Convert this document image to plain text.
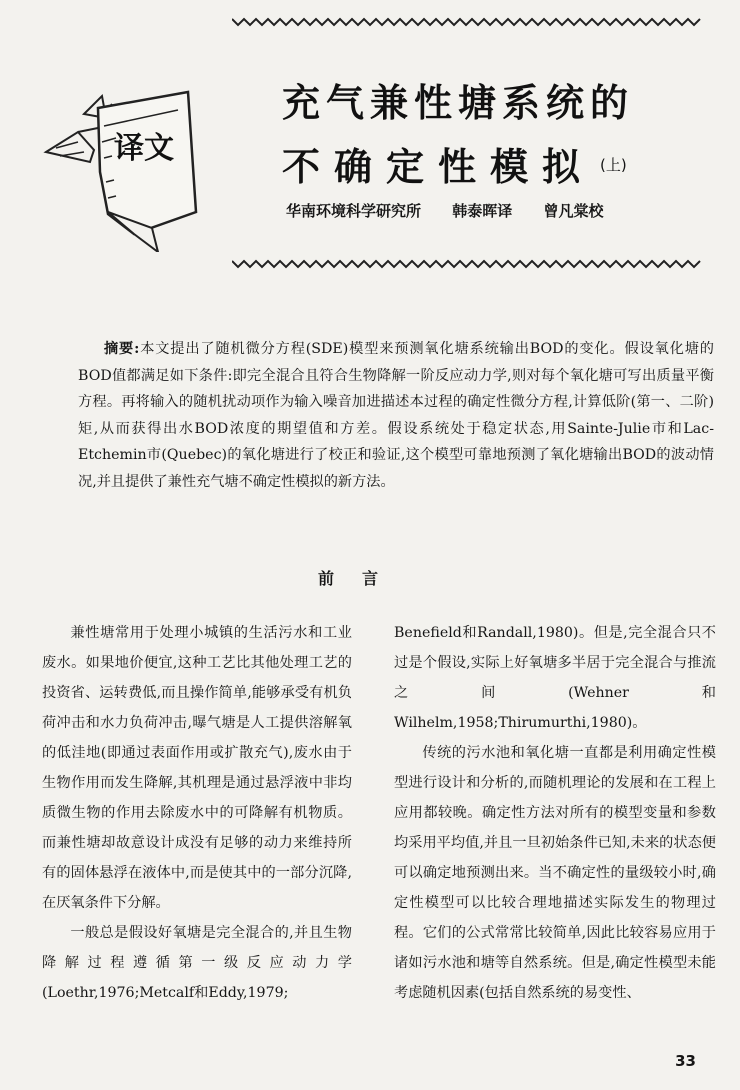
译文
充气兼性塘系统的
不确定性模拟 (上)
华南环境科学研究所 韩泰晖译 曾凡棠校
摘要:本文提出了随机微分方程(SDE)模型来预测氧化塘系统输出BOD的变化。假设氧化塘的BOD值都满足如下条件:即完全混合且符合生物降解一阶反应动力学,则对每个氧化塘可写出质量平衡方程。再将输入的随机扰动项作为输入噪音加进描述本过程的确定性微分方程,计算低阶(第一、二阶)矩,从而获得出水BOD浓度的期望值和方差。假设系统处于稳定状态,用Sainte-Julie市和Lac-Etchemin市(Quebec)的氧化塘进行了校正和验证,这个模型可靠地预测了氧化塘输出BOD的波动情况,并且提供了兼性充气塘不确定性模拟的新方法。
前言

兼性塘常用于处理小城镇的生活污水和工业废水。如果地价便宜,这种工艺比其他处理工艺的投资省、运转费低,而且操作简单,能够承受有机负荷冲击和水力负荷冲击,曝气塘是人工提供溶解氧的低洼地(即通过表面作用或扩散充气),废水由于生物作用而发生降解,其机理是通过悬浮液中非均质微生物的作用去除废水中的可降解有机物质。而兼性塘却故意设计成没有足够的动力来维持所有的固体悬浮在液体中,而是使其中的一部分沉降,在厌氧条件下分解。

一般总是假设好氧塘是完全混合的,并且生物降解过程遵循第一级反应动力学(Loethr,1976;Metcalf和Eddy,1979;

Benefield和Randall,1980)。但是,完全混合只不过是个假设,实际上好氧塘多半居于完全混合与推流之间(Wehner和Wilhelm,1958;Thirumurthi,1980)。

传统的污水池和氧化塘一直都是利用确定性模型进行设计和分析的,而随机理论的发展和在工程上应用都较晚。确定性方法对所有的模型变量和参数均采用平均值,并且一旦初始条件已知,未来的状态便可以确定地预测出来。当不确定性的量级较小时,确定性模型可以比较合理地描述实际发生的物理过程。它们的公式常常比较简单,因此比较容易应用于诸如污水池和塘等自然系统。但是,确定性模型未能考虑随机因素(包括自然系统的易变性、

33
